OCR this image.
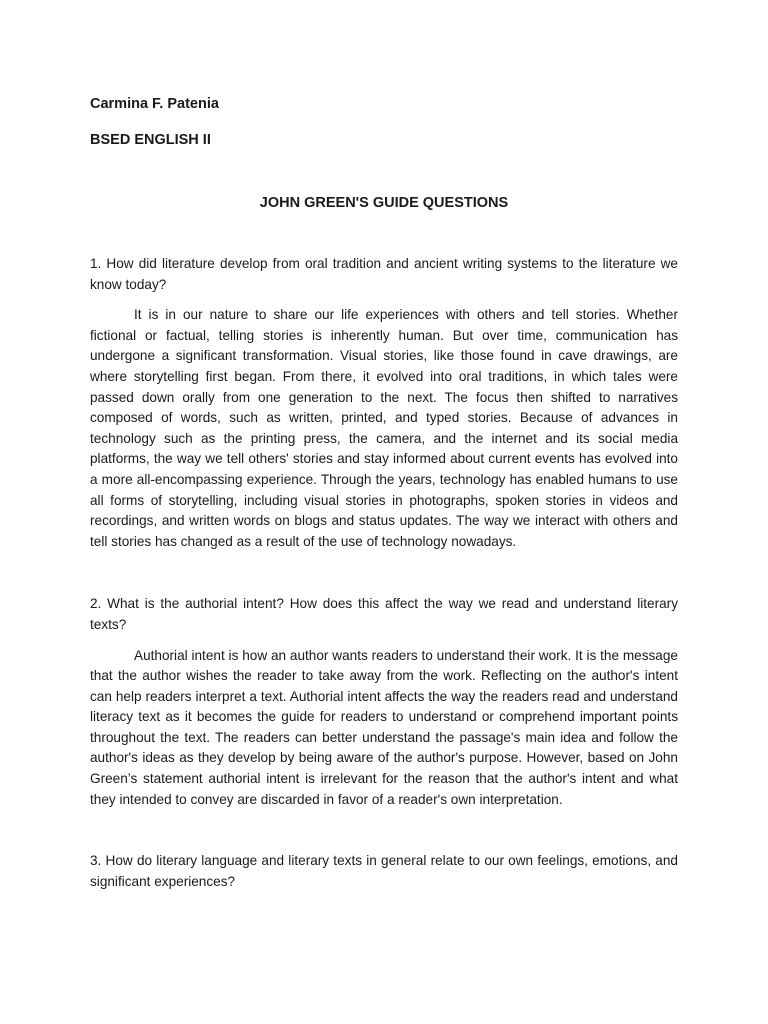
Carmina F. Patenia

BSED ENGLISH II

JOHN GREEN'S GUIDE QUESTIONS

1. How did literature develop from oral tradition and ancient writing systems to the literature we know today?

It is in our nature to share our life experiences with others and tell stories. Whether fictional or factual, telling stories is inherently human. But over time, communication has undergone a significant transformation. Visual stories, like those found in cave drawings, are where storytelling first began. From there, it evolved into oral traditions, in which tales were passed down orally from one generation to the next. The focus then shifted to narratives composed of words, such as written, printed, and typed stories. Because of advances in technology such as the printing press, the camera, and the internet and its social media platforms, the way we tell others' stories and stay informed about current events has evolved into a more all-encompassing experience. Through the years, technology has enabled humans to use all forms of storytelling, including visual stories in photographs, spoken stories in videos and recordings, and written words on blogs and status updates. The way we interact with others and tell stories has changed as a result of the use of technology nowadays.

2. What is the authorial intent? How does this affect the way we read and understand literary texts?

Authorial intent is how an author wants readers to understand their work. It is the message that the author wishes the reader to take away from the work. Reflecting on the author's intent can help readers interpret a text. Authorial intent affects the way the readers read and understand literacy text as it becomes the guide for readers to understand or comprehend important points throughout the text. The readers can better understand the passage's main idea and follow the author's ideas as they develop by being aware of the author's purpose. However, based on John Green’s statement authorial intent is irrelevant for the reason that the author's intent and what they intended to convey are discarded in favor of a reader's own interpretation.

3. How do literary language and literary texts in general relate to our own feelings, emotions, and significant experiences?
